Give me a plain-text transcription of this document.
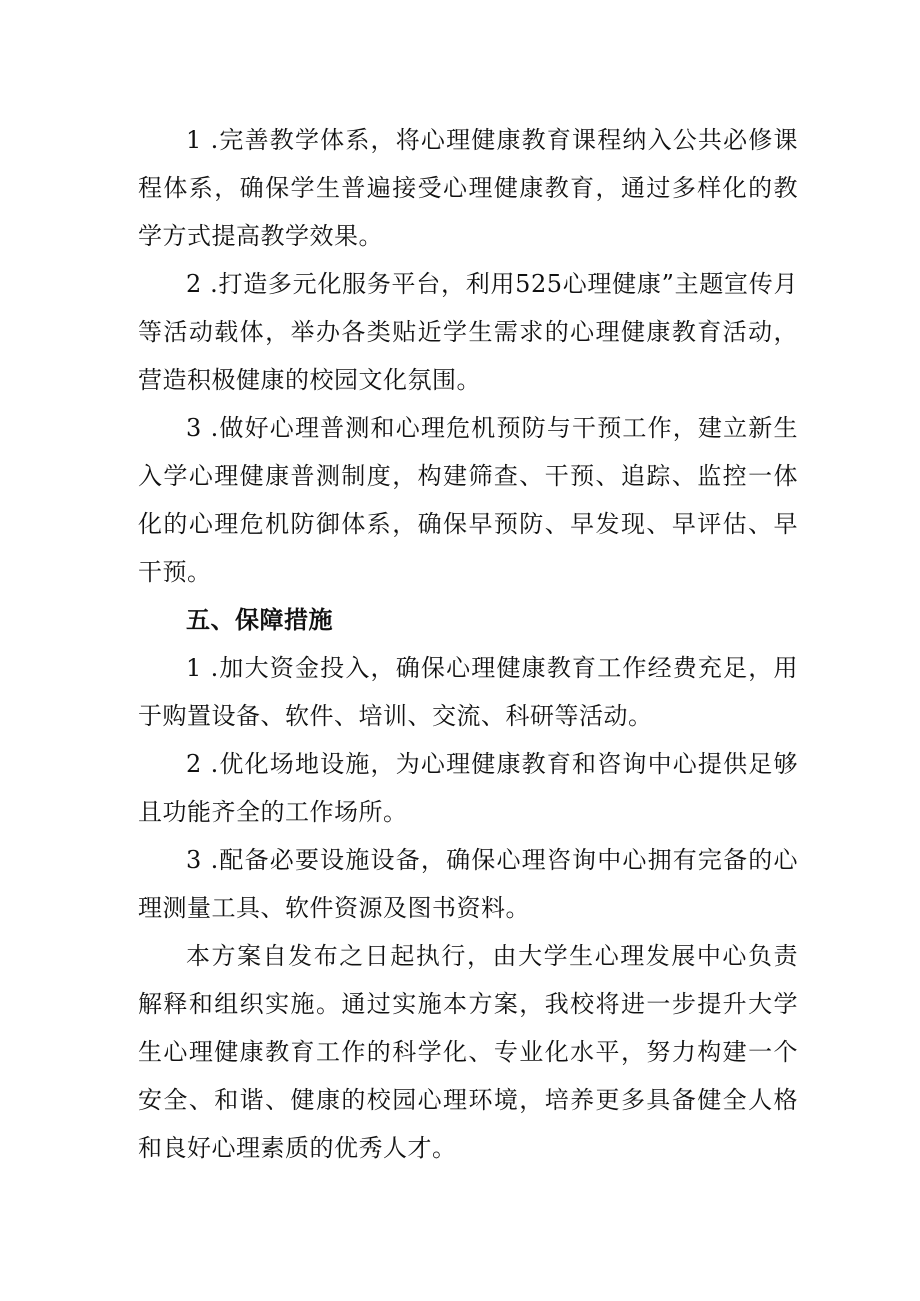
1 .完善教学体系，将心理健康教育课程纳入公共必修课程体系，确保学生普遍接受心理健康教育，通过多样化的教学方式提高教学效果。

2 .打造多元化服务平台，利用525心理健康”主题宣传月等活动载体，举办各类贴近学生需求的心理健康教育活动，营造积极健康的校园文化氛围。

3 .做好心理普测和心理危机预防与干预工作，建立新生入学心理健康普测制度，构建筛查、干预、追踪、监控一体化的心理危机防御体系，确保早预防、早发现、早评估、早干预。

五、保障措施

1 .加大资金投入，确保心理健康教育工作经费充足，用于购置设备、软件、培训、交流、科研等活动。

2 .优化场地设施，为心理健康教育和咨询中心提供足够且功能齐全的工作场所。

3 .配备必要设施设备，确保心理咨询中心拥有完备的心理测量工具、软件资源及图书资料。

本方案自发布之日起执行，由大学生心理发展中心负责解释和组织实施。通过实施本方案，我校将进一步提升大学生心理健康教育工作的科学化、专业化水平，努力构建一个安全、和谐、健康的校园心理环境，培养更多具备健全人格和良好心理素质的优秀人才。
